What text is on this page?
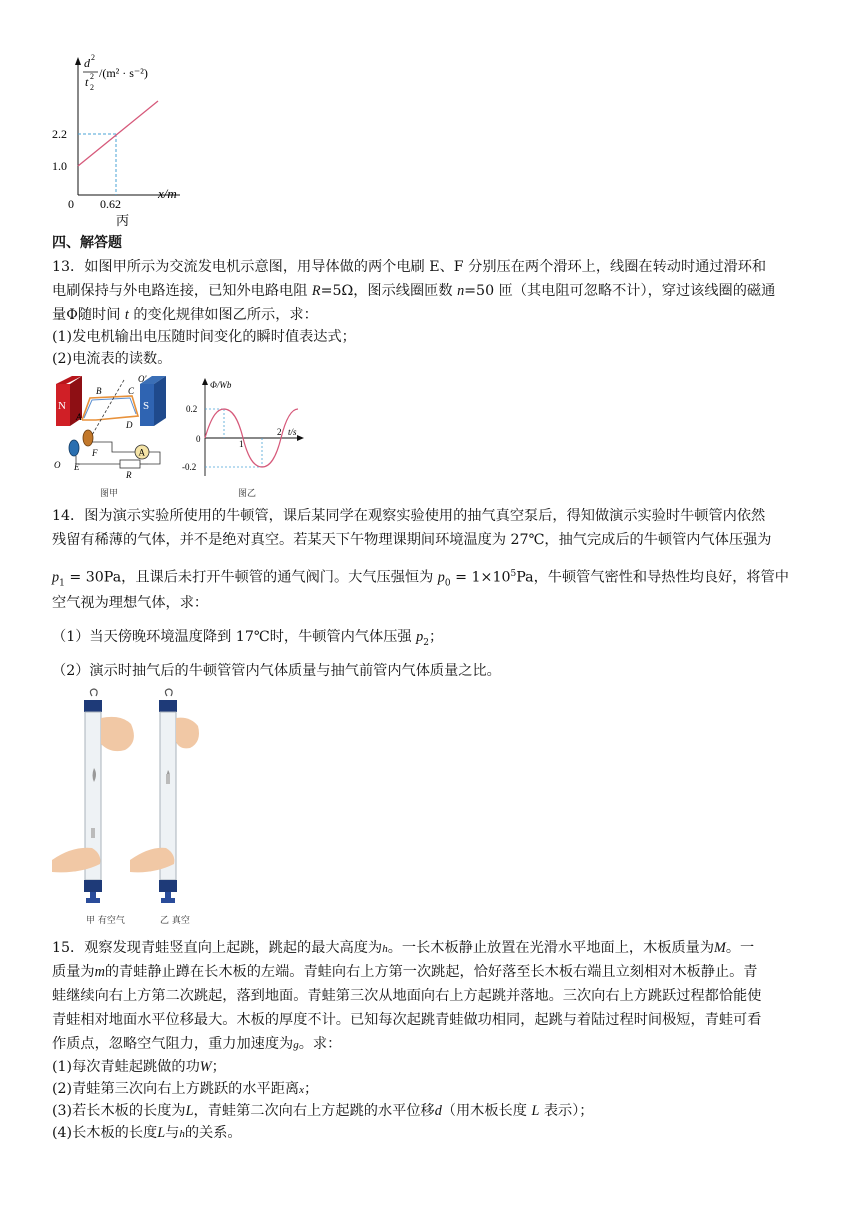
d 2
t 2
2
/(m² · s⁻²)
2.2
1.0
0 0.62
x/m
丙
四、解答题
13．如图甲所示为交流发电机示意图，用导体做的两个电刷 E、F 分别压在两个滑环上，线圈在转动时通过滑环和
电刷保持与外电路连接，已知外电路电阻 R=5Ω，图示线圈匝数 n=50 匝（其电阻可忽略不计），穿过该线圈的磁通
量Φ随时间 t 的变化规律如图乙所示，求：
(1)发电机输出电压随时间变化的瞬时值表达式；
(2)电流表的读数。
N	S
O′
B	C
A
D
F
E
O
A
R
图甲
Φ/Wb
0.2
-0.2
0	1
2 t/s
图乙
14．图为演示实验所使用的牛顿管，课后某同学在观察实验使用的抽气真空泵后，得知做演示实验时牛顿管内依然
残留有稀薄的气体，并不是绝对真空。若某天下午物理课期间环境温度为 27℃，抽气完成后的牛顿管内气体压强为
$p_1 = 30Pa$，且课后未打开牛顿管的通气阀门。大气压强恒为 $p_0 = 1\times 10^5Pa$，牛顿管气密性和导热性均良好，将管中
空气视为理想气体，求：
（1）当天傍晚环境温度降到 17℃时，牛顿管内气体压强 $p_2$；
（2）演示时抽气后的牛顿管管内气体质量与抽气前管内气体质量之比。
甲 有空气	乙 真空
15．观察发现青蛙竖直向上起跳，跳起的最大高度为h。一长木板静止放置在光滑水平地面上，木板质量为M。一
质量为m的青蛙静止蹲在长木板的左端。青蛙向右上方第一次跳起，恰好落至长木板右端且立刻相对木板静止。青
蛙继续向右上方第二次跳起，落到地面。青蛙第三次从地面向右上方起跳并落地。三次向右上方跳跃过程都恰能使
青蛙相对地面水平位移最大。木板的厚度不计。已知每次起跳青蛙做功相同，起跳与着陆过程时间极短，青蛙可看
作质点，忽略空气阻力，重力加速度为g。求：
(1)每次青蛙起跳做的功W；
(2)青蛙第三次向右上方跳跃的水平距离x；
(3)若长木板的长度为L，青蛙第二次向右上方起跳的水平位移d（用木板长度 L 表示）；
(4)长木板的长度L与h的关系。
